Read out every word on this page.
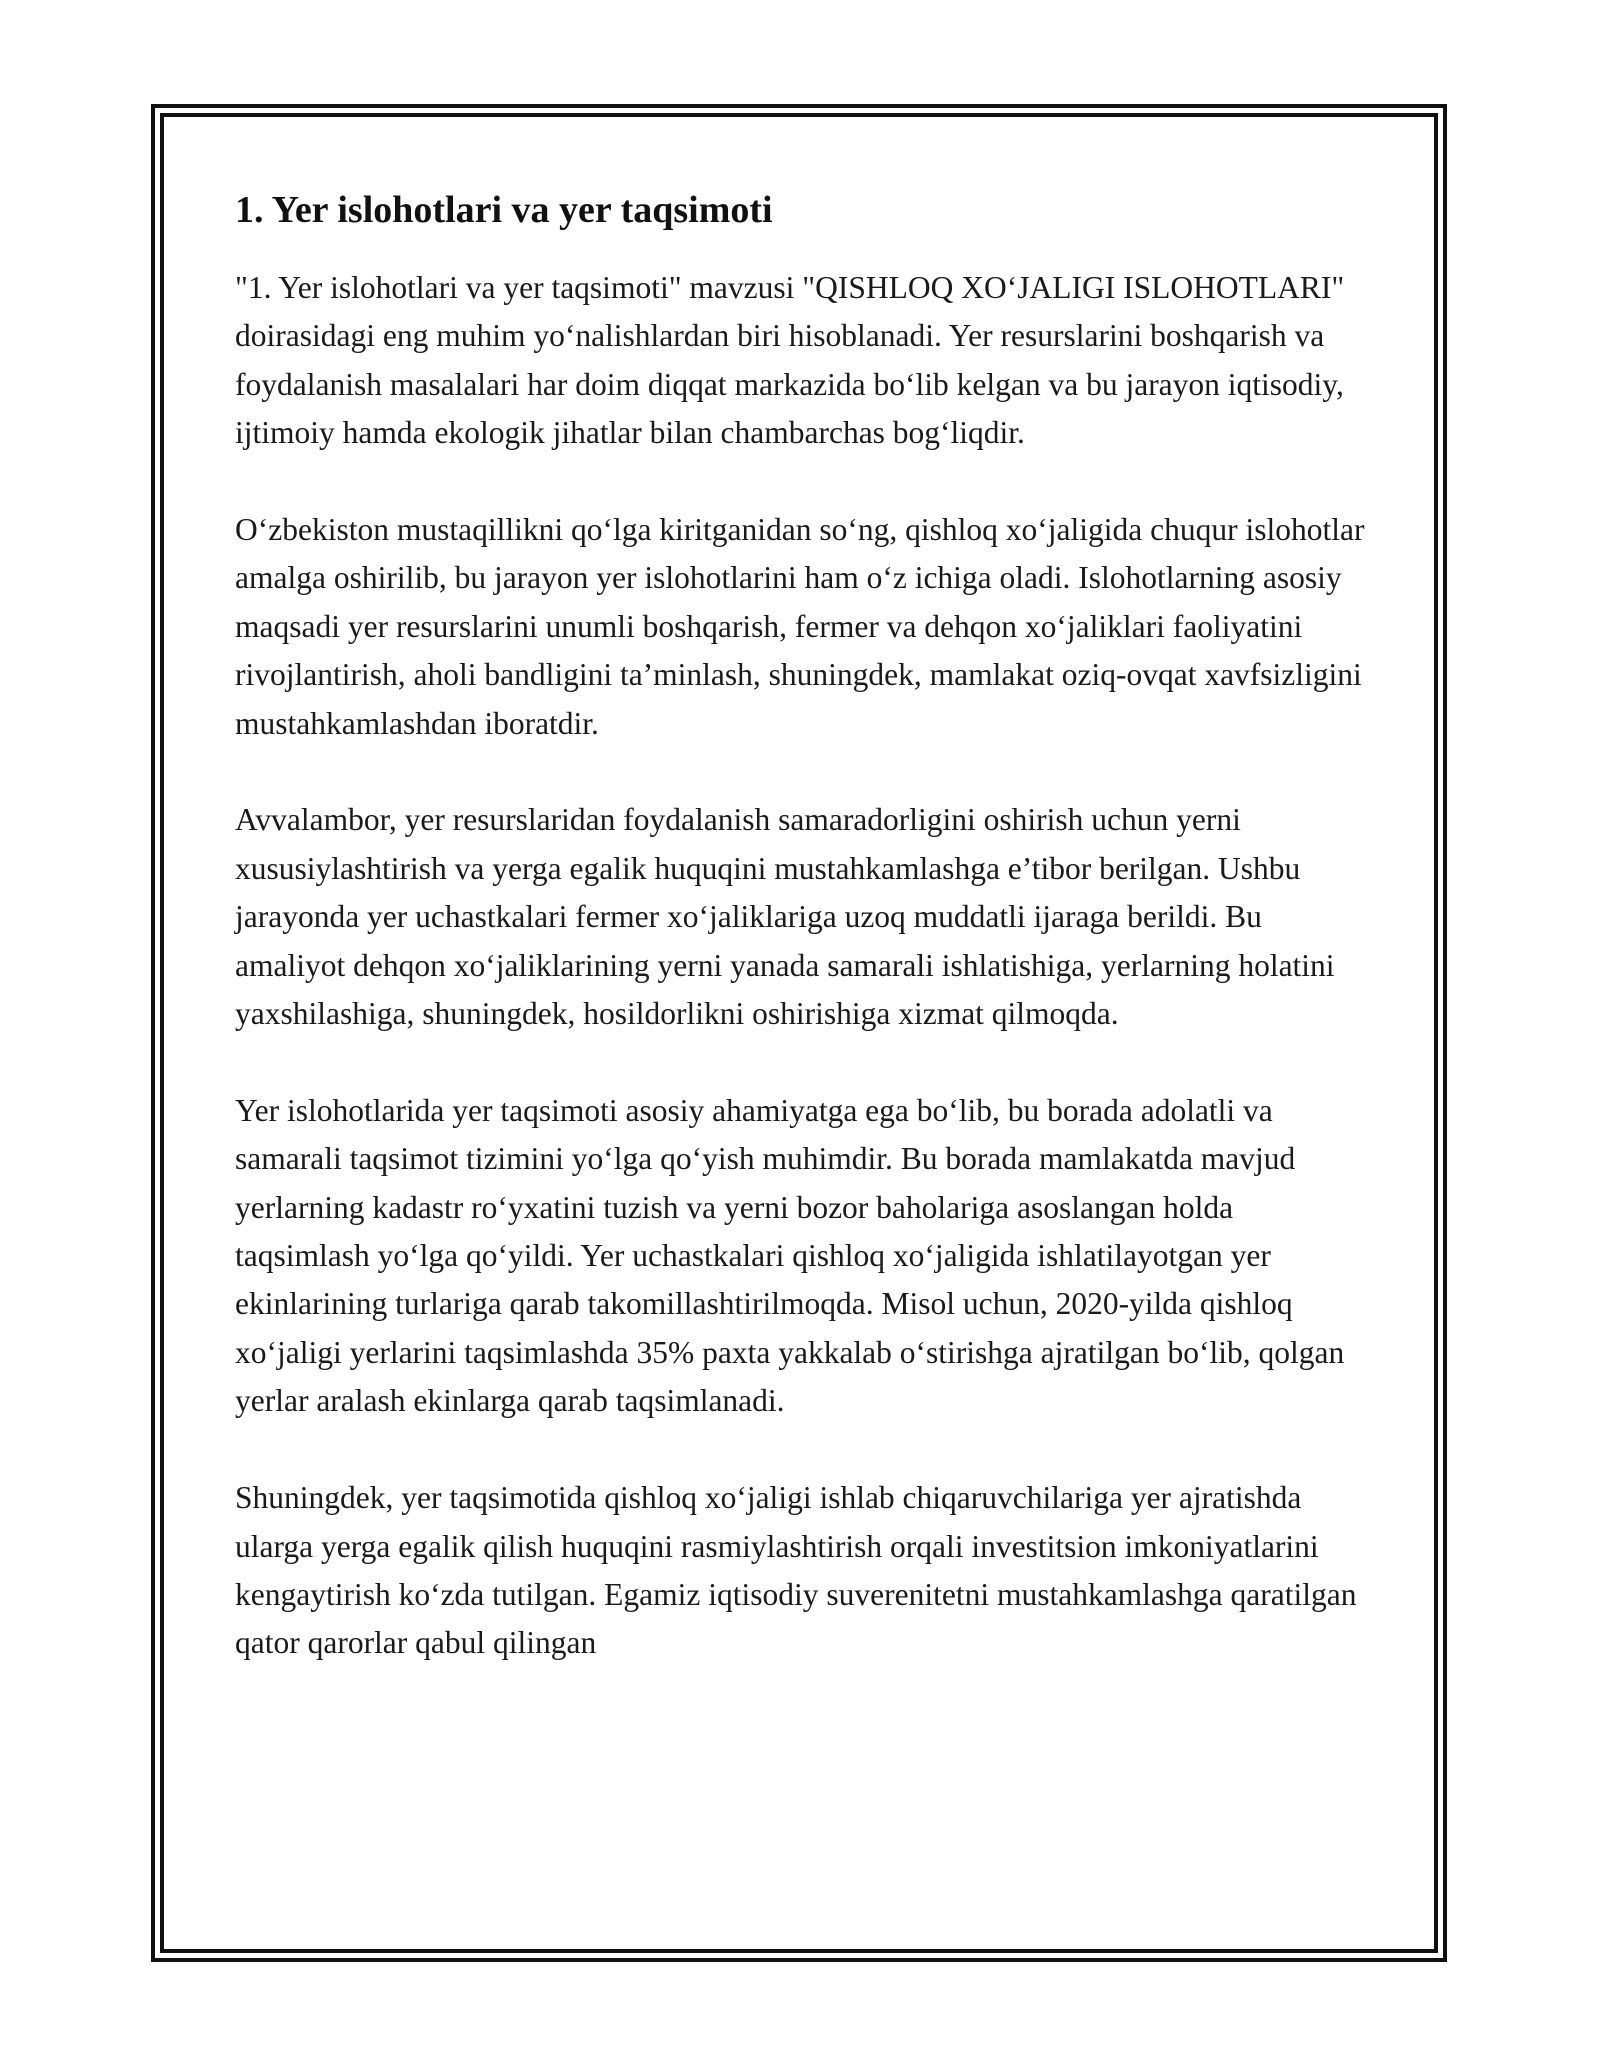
1. Yer islohotlari va yer taqsimoti

"1. Yer islohotlari va yer taqsimoti" mavzusi "QISHLOQ XO‘JALIGI ISLOHOTLARI" doirasidagi eng muhim yo‘nalishlardan biri hisoblanadi. Yer resurslarini boshqarish va foydalanish masalalari har doim diqqat markazida bo‘lib kelgan va bu jarayon iqtisodiy, ijtimoiy hamda ekologik jihatlar bilan chambarchas bog‘liqdir.

O‘zbekiston mustaqillikni qo‘lga kiritganidan so‘ng, qishloq xo‘jaligida chuqur islohotlar amalga oshirilib, bu jarayon yer islohotlarini ham o‘z ichiga oladi. Islohotlarning asosiy maqsadi yer resurslarini unumli boshqarish, fermer va dehqon xo‘jaliklari faoliyatini rivojlantirish, aholi bandligini ta’minlash, shuningdek, mamlakat oziq-ovqat xavfsizligini mustahkamlashdan iboratdir.

Avvalambor, yer resurslaridan foydalanish samaradorligini oshirish uchun yerni xususiylashtirish va yerga egalik huquqini mustahkamlashga e’tibor berilgan. Ushbu jarayonda yer uchastkalari fermer xo‘jaliklariga uzoq muddatli ijaraga berildi. Bu amaliyot dehqon xo‘jaliklarining yerni yanada samarali ishlatishiga, yerlarning holatini yaxshilashiga, shuningdek, hosildorlikni oshirishiga xizmat qilmoqda.

Yer islohotlarida yer taqsimoti asosiy ahamiyatga ega bo‘lib, bu borada adolatli va samarali taqsimot tizimini yo‘lga qo‘yish muhimdir. Bu borada mamlakatda mavjud yerlarning kadastr ro‘yxatini tuzish va yerni bozor baholariga asoslangan holda taqsimlash yo‘lga qo‘yildi. Yer uchastkalari qishloq xo‘jaligida ishlatilayotgan yer ekinlarining turlariga qarab takomillashtirilmoqda. Misol uchun, 2020-yilda qishloq xo‘jaligi yerlarini taqsimlashda 35% paxta yakkalab o‘stirishga ajratilgan bo‘lib, qolgan yerlar aralash ekinlarga qarab taqsimlanadi.

Shuningdek, yer taqsimotida qishloq xo‘jaligi ishlab chiqaruvchilariga yer ajratishda ularga yerga egalik qilish huquqini rasmiylashtirish orqali investitsion imkoniyatlarini kengaytirish ko‘zda tutilgan. Egamiz iqtisodiy suverenitetni mustahkamlashga qaratilgan qator qarorlar qabul qilingan
